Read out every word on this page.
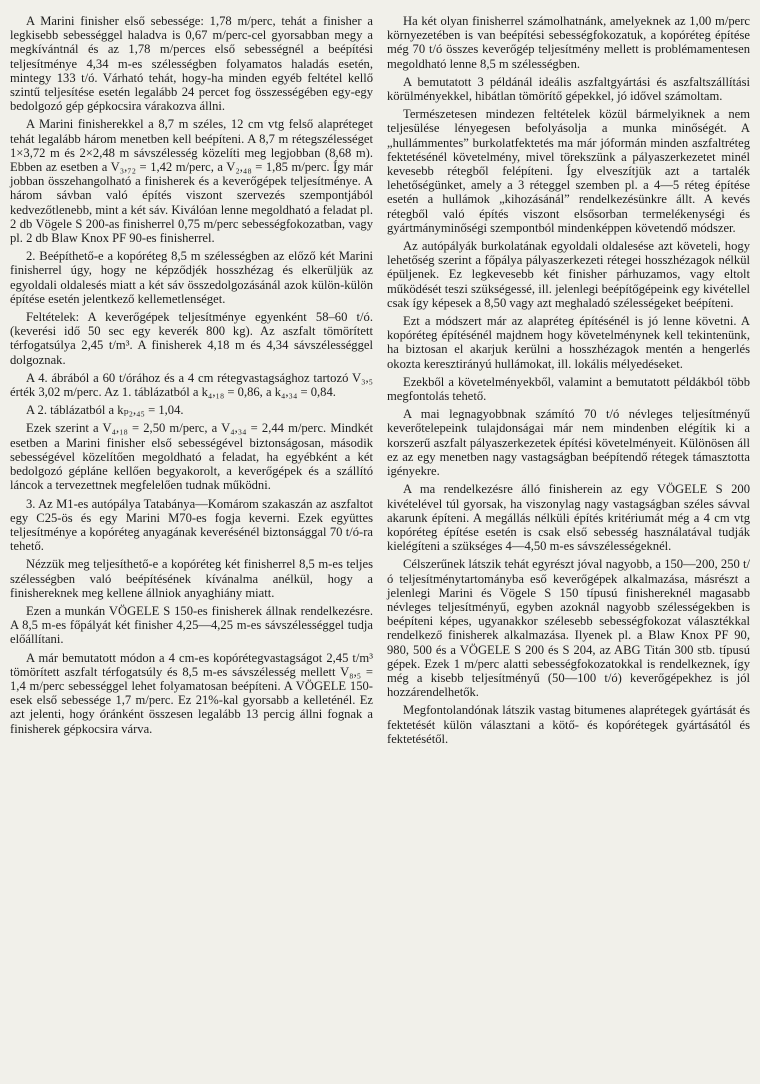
A Marini finisher első sebessége: 1,78 m/perc, tehát a finisher a legkisebb sebességgel haladva is 0,67 m/perc-cel gyorsabban megy a megkívántnál és az 1,78 m/perces első sebességnél a beépítési teljesítménye 4,34 m-es szélességben folyamatos haladás esetén, mintegy 133 t/ó. Várható tehát, hogy-ha minden egyéb feltétel kellő szintű teljesítése esetén legalább 24 percet fog összességében egy-egy bedolgozó gép gépkocsira várakozva állni.

A Marini finisherekkel a 8,7 m széles, 12 cm vtg felső alapréteget tehát legalább három menetben kell beépíteni. A 8,7 m rétegszélességet 1×3,72 m és 2×2,48 m sávszélesség közelíti meg legjobban (8,68 m). Ebben az esetben a V₃,₇₂ = 1,42 m/perc, a V₂,₄₈ = 1,85 m/perc. Így már jobban összehangolható a finisherek és a keverőgépek teljesítménye. A három sávban való építés viszont szervezés szempontjából kedvezőtlenebb, mint a két sáv. Kiválóan lenne megoldható a feladat pl. 2 db Vögele S 200-as finisherrel 0,75 m/perc sebességfokozatban, vagy pl. 2 db Blaw Knox PF 90-es finisherrel.

2. Beépíthető-e a kopóréteg 8,5 m szélességben az előző két Marini finisherrel úgy, hogy ne képződjék hosszhézag és elkerüljük az egyoldali oldalesés miatt a két sáv összedolgozásánál azok külön-külön építése esetén jelentkező kellemetlenséget.

Feltételek: A keverőgépek teljesítménye egyenként 58–60 t/ó. (keverési idő 50 sec egy keverék 800 kg). Az aszfalt tömörített térfogatsúlya 2,45 t/m³. A finisherek 4,18 m és 4,34 sávszélességgel dolgoznak.

A 4. ábrából a 60 t/órához és a 4 cm rétegvastagsághoz tartozó V₃,₅ érték 3,02 m/perc. Az 1. táblázatból a k₄,₁₈ = 0,86, a k₄,₃₄ = 0,84.

A 2. táblázatból a kₚ₂,₄₅ = 1,04.

Ezek szerint a V₄,₁₈ = 2,50 m/perc, a V₄,₃₄ = 2,44 m/perc. Mindkét esetben a Marini finisher első sebességével biztonságosan, második sebességével közelítően megoldható a feladat, ha egyébként a két bedolgozó gépláne kellően begyakorolt, a keverőgépek és a szállító láncok a tervezettnek megfelelően tudnak működni.

3. Az M1-es autópálya Tatabánya—Komárom szakaszán az aszfaltot egy C25-ös és egy Marini M70-es fogja keverni. Ezek együttes teljesítménye a kopóréteg anyagának keverésénél biztonsággal 70 t/ó-ra tehető.

Nézzük meg teljesíthető-e a kopóréteg két finisherrel 8,5 m-es teljes szélességben való beépítésének kívánalma anélkül, hogy a finishereknek meg kellene állniok anyaghiány miatt.

Ezen a munkán VÖGELE S 150-es finisherek állnak rendelkezésre. A 8,5 m-es főpályát két finisher 4,25—4,25 m-es sávszélességgel tudja előállítani.

A már bemutatott módon a 4 cm-es kopórétegvastagságot 2,45 t/m³ tömörített aszfalt térfogatsúly és 8,5 m-es sávszélesség mellett V₈,₅ = 1,4 m/perc sebességgel lehet folyamatosan beépíteni. A VÖGELE 150-esek első sebessége 1,7 m/perc. Ez 21%-kal gyorsabb a kelleténél. Ez azt jelenti, hogy óránként összesen legalább 13 percig állni fognak a finisherek gépkocsira várva.

Ha két olyan finisherrel számolhatnánk, amelyeknek az 1,00 m/perc környezetében is van beépítési sebességfokozatuk, a kopóréteg építése még 70 t/ó összes keverőgép teljesítmény mellett is problémamentesen megoldható lenne 8,5 m szélességben.

A bemutatott 3 példánál ideális aszfaltgyártási és aszfaltszállítási körülményekkel, hibátlan tömörítő gépekkel, jó idővel számoltam.

Természetesen mindezen feltételek közül bármelyiknek a nem teljesülése lényegesen befolyásolja a munka minőségét. A „hullámmentes” burkolatfektetés ma már jóformán minden aszfaltréteg fektetésénél követelmény, mivel törekszünk a pályaszerkezetet minél kevesebb rétegből felépíteni. Így elveszítjük azt a tartalék lehetőségünket, amely a 3 réteggel szemben pl. a 4—5 réteg építése esetén a hullámok „kihozásánál” rendelkezésünkre állt. A kevés rétegből való építés viszont elsősorban termelékenységi és gyártmányminőségi szempontból mindenképpen követendő módszer.

Az autópályák burkolatának egyoldali oldalesése azt követeli, hogy lehetőség szerint a főpálya pályaszerkezeti rétegei hosszhézagok nélkül épüljenek. Ez legkevesebb két finisher párhuzamos, vagy eltolt működését teszi szükségessé, ill. jelenlegi beépítőgépeink egy kivétellel csak így képesek a 8,50 vagy azt meghaladó szélességeket beépíteni.

Ezt a módszert már az alapréteg építésénél is jó lenne követni. A kopóréteg építésénél majdnem hogy követelménynek kell tekintenünk, ha biztosan el akarjuk kerülni a hosszhézagok mentén a hengerlés okozta keresztirányú hullámokat, ill. lokális mélyedéseket.

Ezekből a követelményekből, valamint a bemutatott példákból több megfontolás tehető.

A mai legnagyobbnak számító 70 t/ó névleges teljesítményű keverőtelepeink tulajdonságai már nem mindenben elégítik ki a korszerű aszfalt pályaszerkezetek építési követelményeit. Különösen áll ez az egy menetben nagy vastagságban beépítendő rétegek támasztotta igényekre.

A ma rendelkezésre álló finisherein az egy VÖGELE S 200 kivételével túl gyorsak, ha viszonylag nagy vastagságban széles sávval akarunk építeni. A megállás nélküli építés kritériumát még a 4 cm vtg kopóréteg építése esetén is csak első sebesség használatával tudják kielégíteni a szükséges 4—4,50 m-es sávszélességeknél.

Célszerűnek látszik tehát egyrészt jóval nagyobb, a 150—200, 250 t/ó teljesítménytartományba eső keverőgépek alkalmazása, másrészt a jelenlegi Marini és Vögele S 150 típusú finishereknél magasabb névleges teljesítményű, egyben azoknál nagyobb szélességekben is beépíteni képes, ugyanakkor szélesebb sebességfokozat választékkal rendelkező finisherek alkalmazása. Ilyenek pl. a Blaw Knox PF 90, 980, 500 és a VÖGELE S 200 és S 204, az ABG Titán 300 stb. típusú gépek. Ezek 1 m/perc alatti sebességfokozatokkal is rendelkeznek, így még a kisebb teljesítményű (50—100 t/ó) keverőgépekhez is jól hozzárendelhetők.

Megfontolandónak látszik vastag bitumenes alaprétegek gyártását és fektetését külön választani a kötő- és kopórétegek gyártásától és fektetésétől.
